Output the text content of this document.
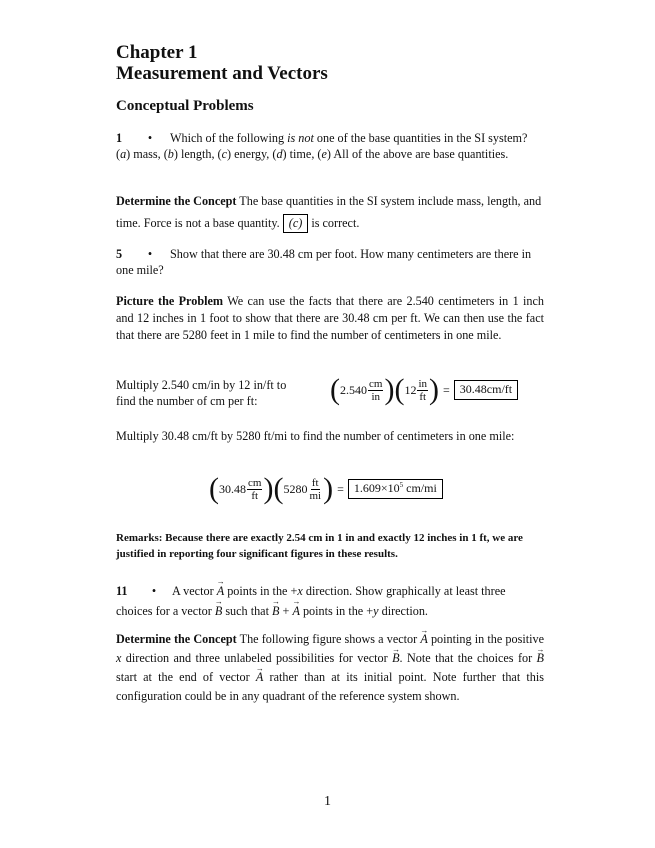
Chapter 1
Measurement and Vectors
Conceptual Problems
1 • Which of the following is not one of the base quantities in the SI system? (a) mass, (b) length, (c) energy, (d) time, (e) All of the above are base quantities.
Determine the Concept The base quantities in the SI system include mass, length, and time. Force is not a base quantity. (c) is correct.
5 • Show that there are 30.48 cm per foot. How many centimeters are there in one mile?
Picture the Problem We can use the facts that there are 2.540 centimeters in 1 inch and 12 inches in 1 foot to show that there are 30.48 cm per ft. We can then use the fact that there are 5280 feet in 1 mile to find the number of centimeters in one mile.
Multiply 2.540 cm/in by 12 in/ft to find the number of cm per ft:	( $2.540 \frac{cm}{in}$ ) ( $12 \frac{in}{ft}$ ) = 30.48cm/ft
Multiply 30.48 cm/ft by 5280 ft/mi to find the number of centimeters in one mile:
( $30.48 \frac{cm}{ft}$ ) ( $5280 \frac{ft}{mi}$ ) = $1.609\times 10^5$ cm/mi
Remarks: Because there are exactly 2.54 cm in 1 in and exactly 12 inches in 1 ft, we are justified in reporting four significant figures in these results.
11 • A vector → A points in the +x direction. Show graphically at least three choices for a vector → B such that → B + → A points in the +y direction.
Determine the Concept The following figure shows a vector → A pointing in the positive x direction and three unlabeled possibilities for vector → B. Note that the choices for → B start at the end of vector → A rather than at its initial point. Note further that this configuration could be in any quadrant of the reference system shown.
1
